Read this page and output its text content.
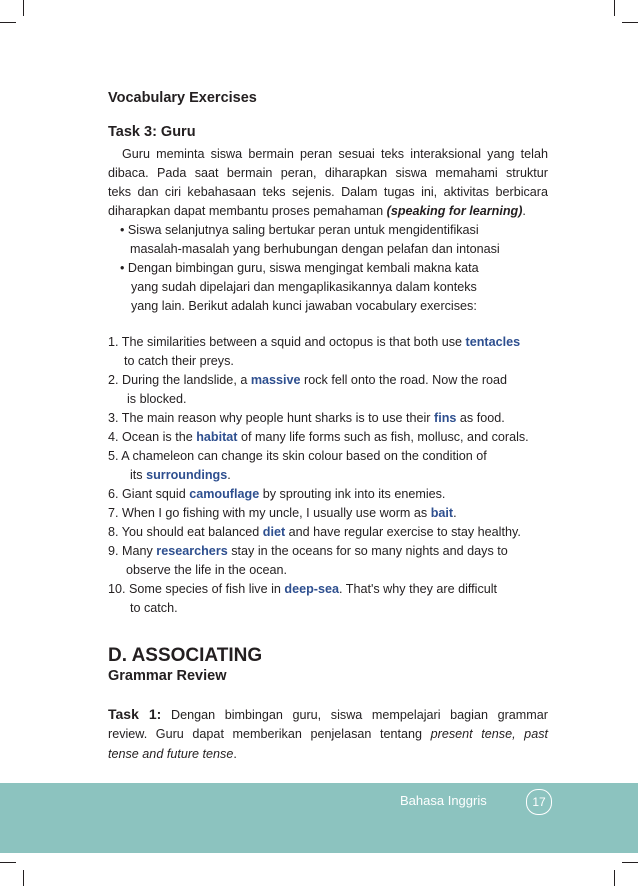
Vocabulary Exercises
Task 3: Guru
Guru meminta siswa bermain peran sesuai teks interaksional yang telah
dibaca. Pada saat bermain peran, diharapkan siswa memahami struktur
teks dan ciri kebahasaan teks sejenis. Dalam tugas ini, aktivitas berbicara
diharapkan dapat membantu proses pemahaman (speaking for learning).
• Siswa selanjutnya saling bertukar peran untuk mengidentifikasi
masalah-masalah yang berhubungan dengan pelafan dan intonasi
• Dengan bimbingan guru, siswa mengingat kembali makna kata
yang sudah dipelajari dan mengaplikasikannya dalam konteks
yang lain. Berikut adalah kunci jawaban vocabulary exercises:
1. The similarities between a squid and octopus is that both use tentacles
to catch their preys.
2. During the landslide, a massive rock fell onto the road. Now the road
is blocked.
3. The main reason why people hunt sharks is to use their fins as food.
4. Ocean is the habitat of many life forms such as fish, mollusc, and corals.
5. A chameleon can change its skin colour based on the condition of
its surroundings.
6. Giant squid camouflage by sprouting ink into its enemies.
7. When I go fishing with my uncle, I usually use worm as bait.
8. You should eat balanced diet and have regular exercise to stay healthy.
9. Many researchers stay in the oceans for so many nights and days to
observe the life in the ocean.
10. Some species of fish live in deep-sea. That's why they are difficult
to catch.
D. ASSOCIATING
Grammar Review
Task 1: Dengan bimbingan guru, siswa mempelajari bagian grammar
review. Guru dapat memberikan penjelasan tentang present tense, past
tense and future tense.
Bahasa Inggris	17
